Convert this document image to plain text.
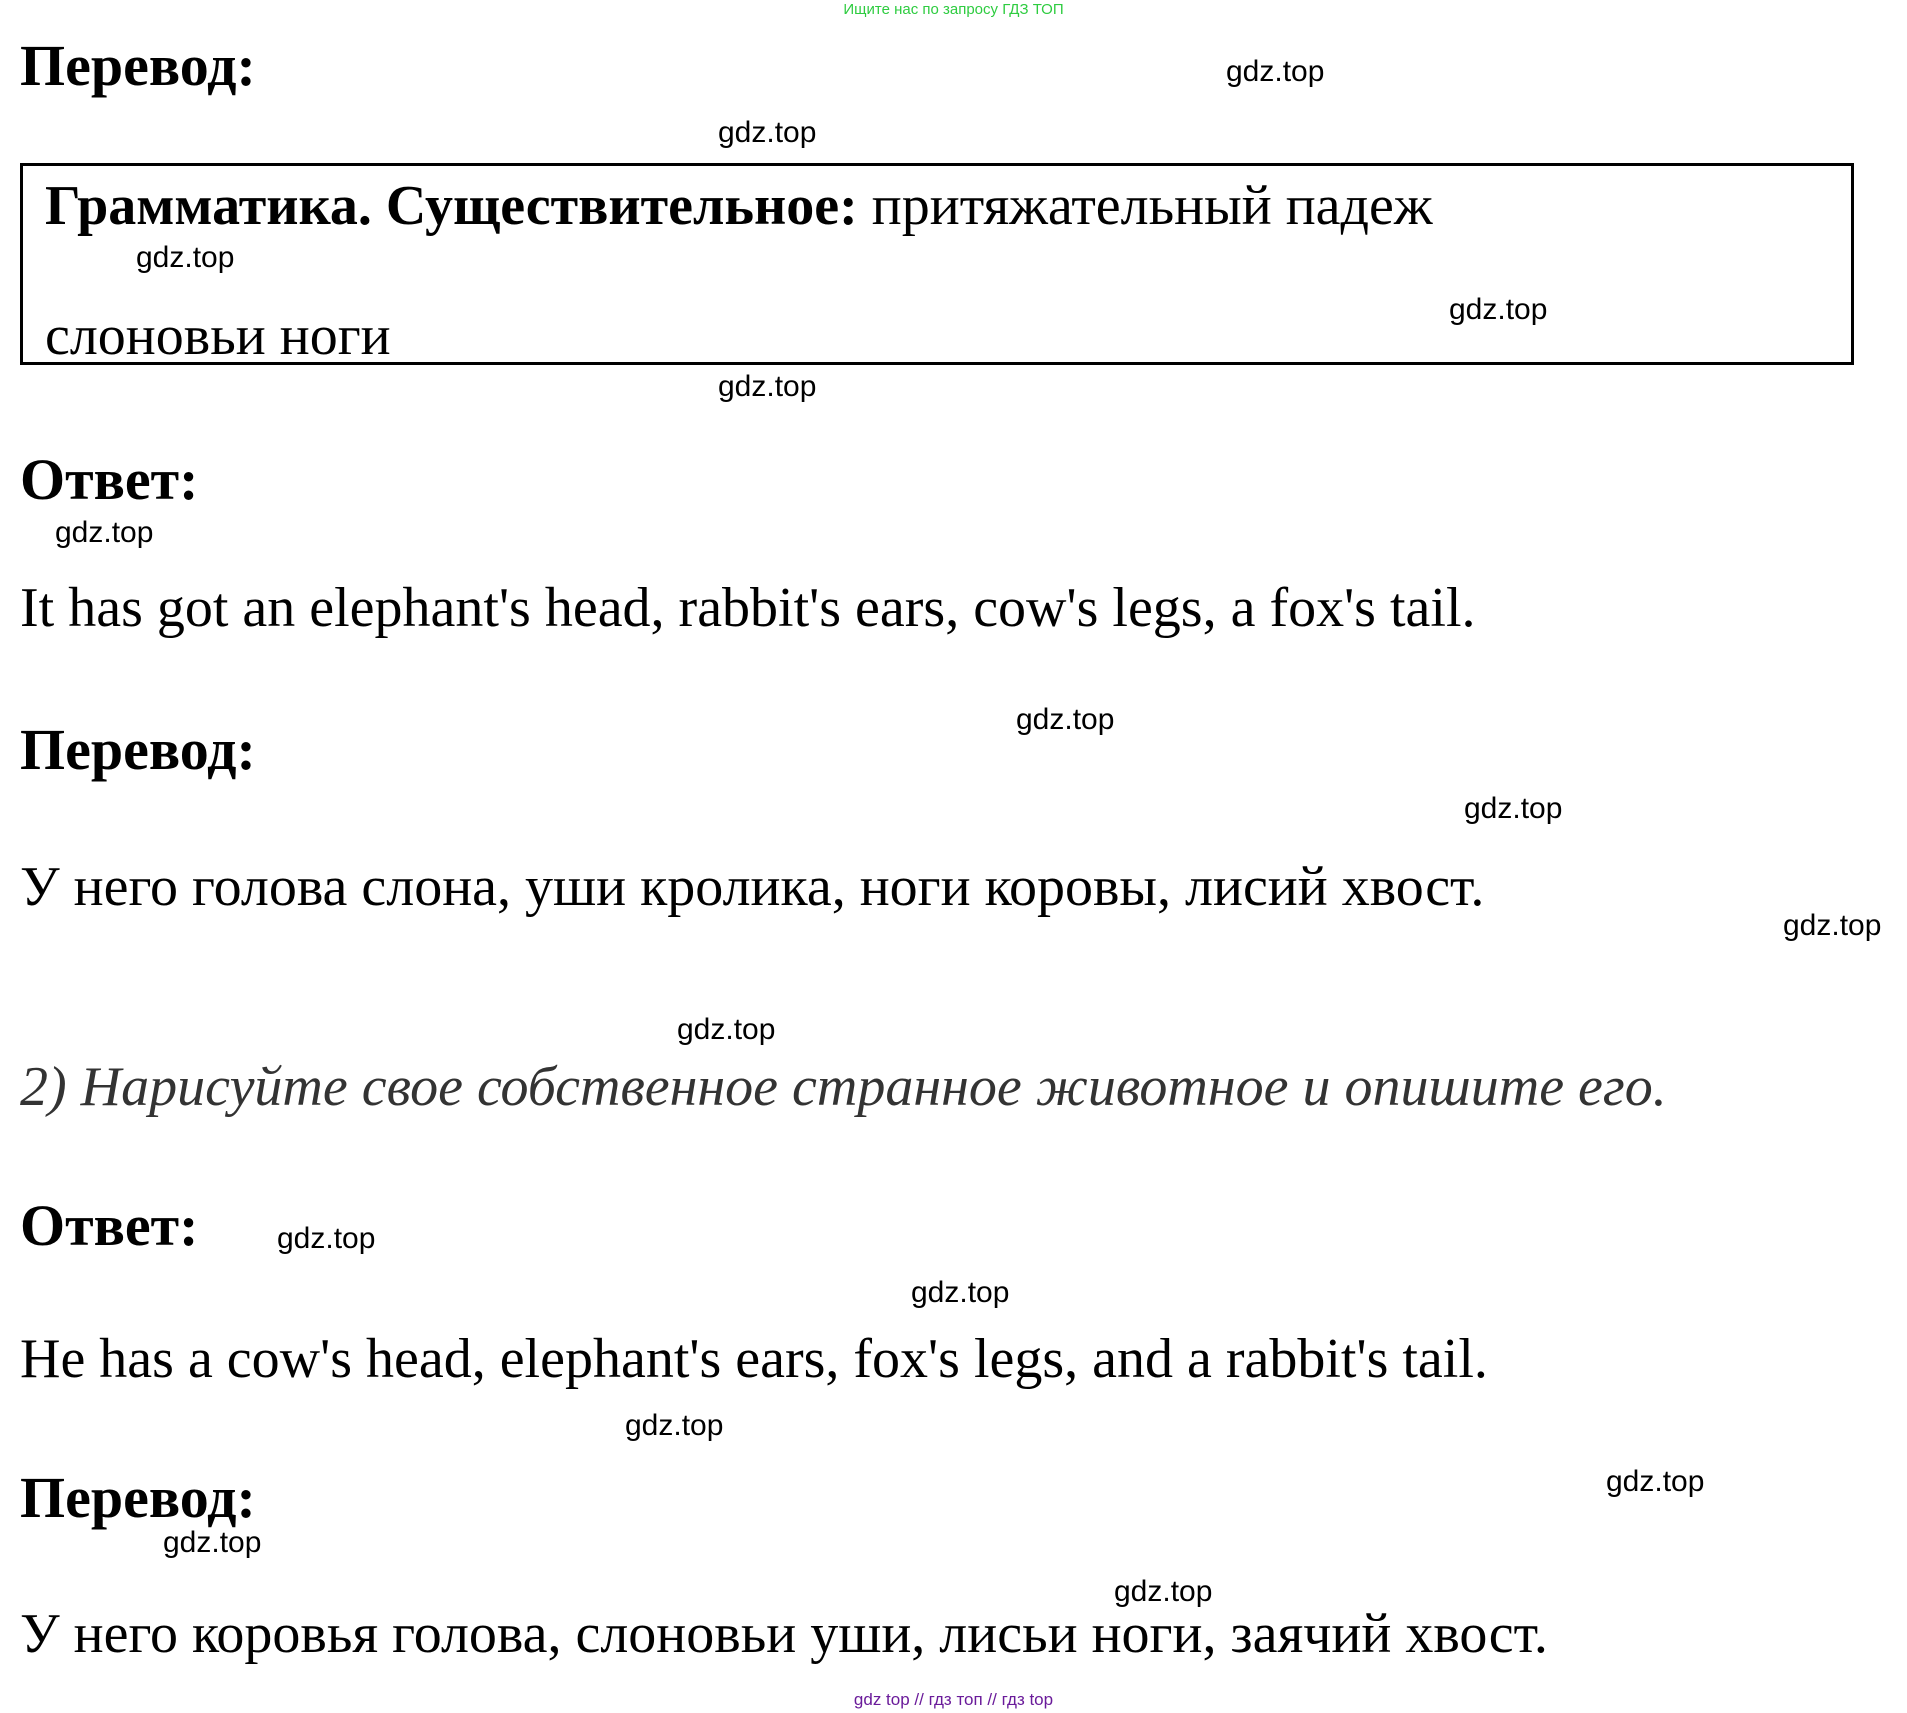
Ищите нас по запросу ГДЗ ТОП
Перевод:
Грамматика. Существительное: притяжательный падеж
слоновьи ноги
Ответ:

It has got an elephant's head, rabbit's ears, cow's legs, a fox's tail.

Перевод:

У него голова слона, уши кролика, ноги коровы, лисий хвост.

2) Нарисуйте свое собственное странное животное и опишите его.

Ответ:

He has a cow's head, elephant's ears, fox's legs, and a rabbit's tail.

Перевод:

У него коровья голова, слоновьи уши, лисьи ноги, заячий хвост.

gdz.top
gdz.top
gdz.top
gdz.top
gdz.top
gdz.top
gdz.top
gdz.top
gdz.top
gdz.top
gdz.top
gdz.top
gdz.top
gdz.top
gdz.top
gdz.top
gdz top // гдз топ // гдз top
